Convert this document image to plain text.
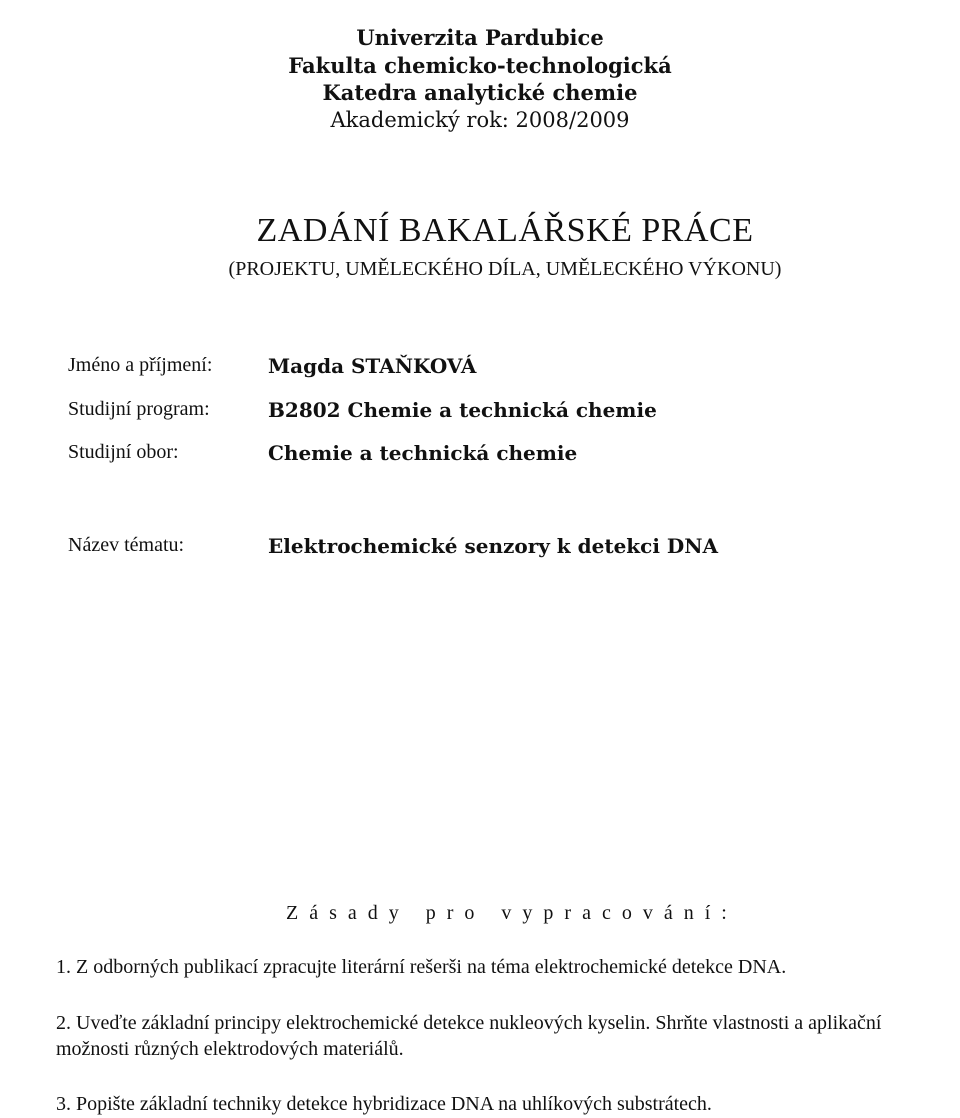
Univerzita Pardubice
Fakulta chemicko-technologická
Katedra analytické chemie
Akademický rok: 2008/2009
ZADÁNÍ BAKALÁŘSKÉ PRÁCE
(PROJEKTU, UMĚLECKÉHO DÍLA, UMĚLECKÉHO VÝKONU)
Jméno a příjmení:	Magda STAŇKOVÁ
Studijní program:	B2802 Chemie a technická chemie
Studijní obor:	Chemie a technická chemie
Název tématu:	Elektrochemické senzory k detekci DNA
Zásady pro vypracování:
1. Z odborných publikací zpracujte literární rešerši na téma elektrochemické detekce DNA.
2. Uveďte základní principy elektrochemické detekce nukleových kyselin. Shrňte vlastnosti a aplikační možnosti různých elektrodových materiálů.
3. Popište základní techniky detekce hybridizace DNA na uhlíkových substrátech.
